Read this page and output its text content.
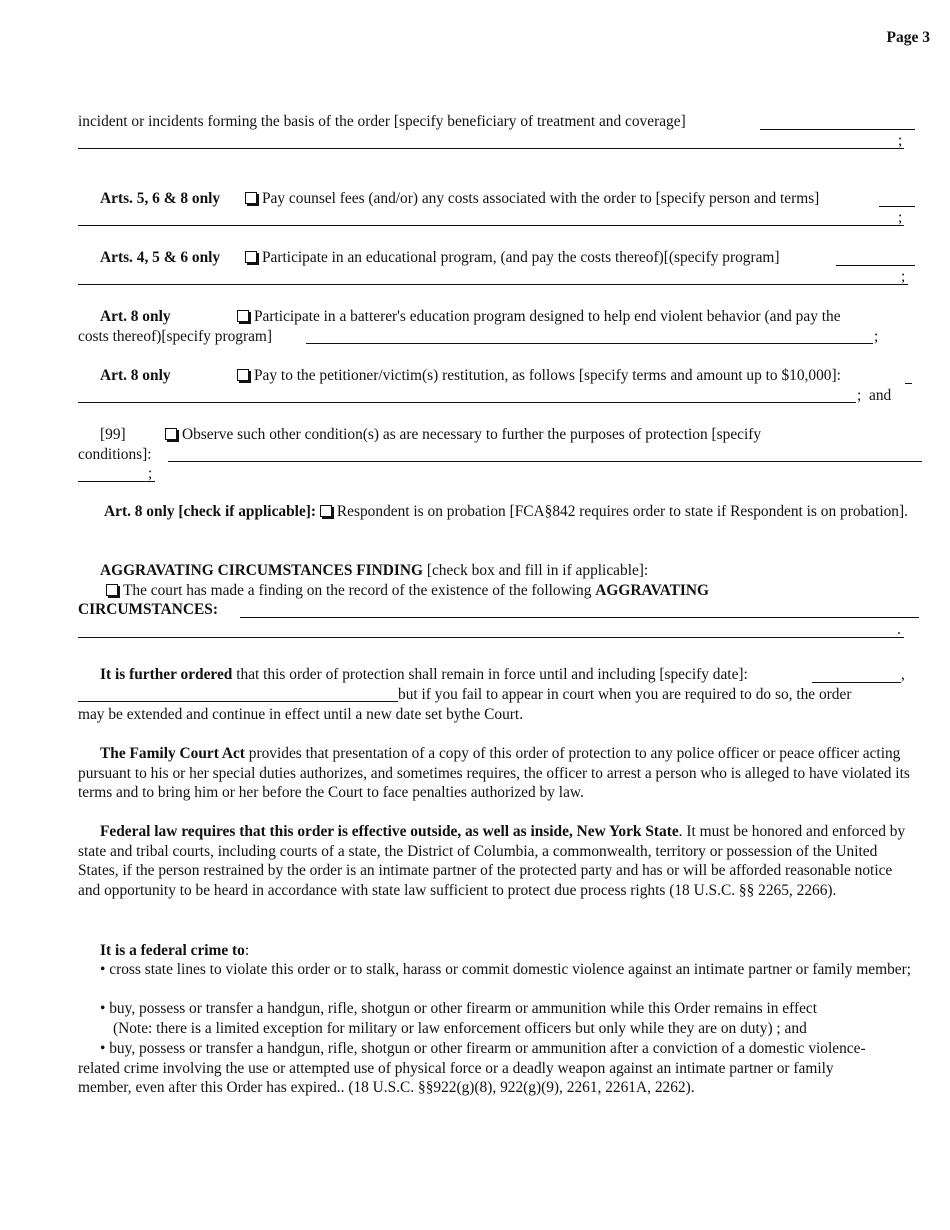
Page 3
incident or incidents forming the basis of the order [specify beneficiary of treatment and coverage]
;
Arts. 5, 6 & 8 only	Pay counsel fees (and/or) any costs associated with the order to [specify person and terms]
;
Arts. 4, 5 & 6 only	Participate in an educational program, (and pay the costs thereof)[(specify program]
;
Art. 8 only	Participate in a batterer's education program designed to help end violent behavior (and pay the
costs thereof)[specify program]	;
Art. 8 only	Pay to the petitioner/victim(s) restitution, as follows [specify terms and amount up to $10,000]:
;  and
[99]	Observe such other condition(s) as are necessary to further the purposes of protection [specify
conditions]:
;

Art. 8 only [check if applicable]: Respondent is on probation [FCA§842 requires order to state if Respondent is on probation].

AGGRAVATING CIRCUMSTANCES FINDING [check box and fill in if applicable]:
The court has made a finding on the record of the existence of the following AGGRAVATING
CIRCUMSTANCES:
.
It is further ordered that this order of protection shall remain in force until and including [specify date]:	,
but if you fail to appear in court when you are required to do so, the order
may be extended and continue in effect until a new date set bythe Court.

The Family Court Act provides that presentation of a copy of this order of protection to any police officer or peace officer acting pursuant to his or her special duties authorizes, and sometimes requires, the officer to arrest a person who is alleged to have violated its terms and to bring him or her before the Court to face penalties authorized by law.

Federal law requires that this order is effective outside, as well as inside, New York State. It must be honored and enforced by state and tribal courts, including courts of a state, the District of Columbia, a commonwealth, territory or possession of the United States, if the person restrained by the order is an intimate partner of the protected party and has or will be afforded reasonable notice and opportunity to be heard in accordance with state law sufficient to protect due process rights (18 U.S.C. §§ 2265, 2266).

It is a federal crime to:

• cross state lines to violate this order or to stalk, harass or commit domestic violence against an intimate partner or family member;

• buy, possess or transfer a handgun, rifle, shotgun or other firearm or ammunition while this Order remains in effect
(Note: there is a limited exception for military or law enforcement officers but only while they are on duty) ; and

• buy, possess or transfer a handgun, rifle, shotgun or other firearm or ammunition after a conviction of a domestic violence-related crime involving the use or attempted use of physical force or a deadly weapon against an intimate partner or family member, even after this Order has expired.. (18 U.S.C. §§922(g)(8), 922(g)(9), 2261, 2261A, 2262).
